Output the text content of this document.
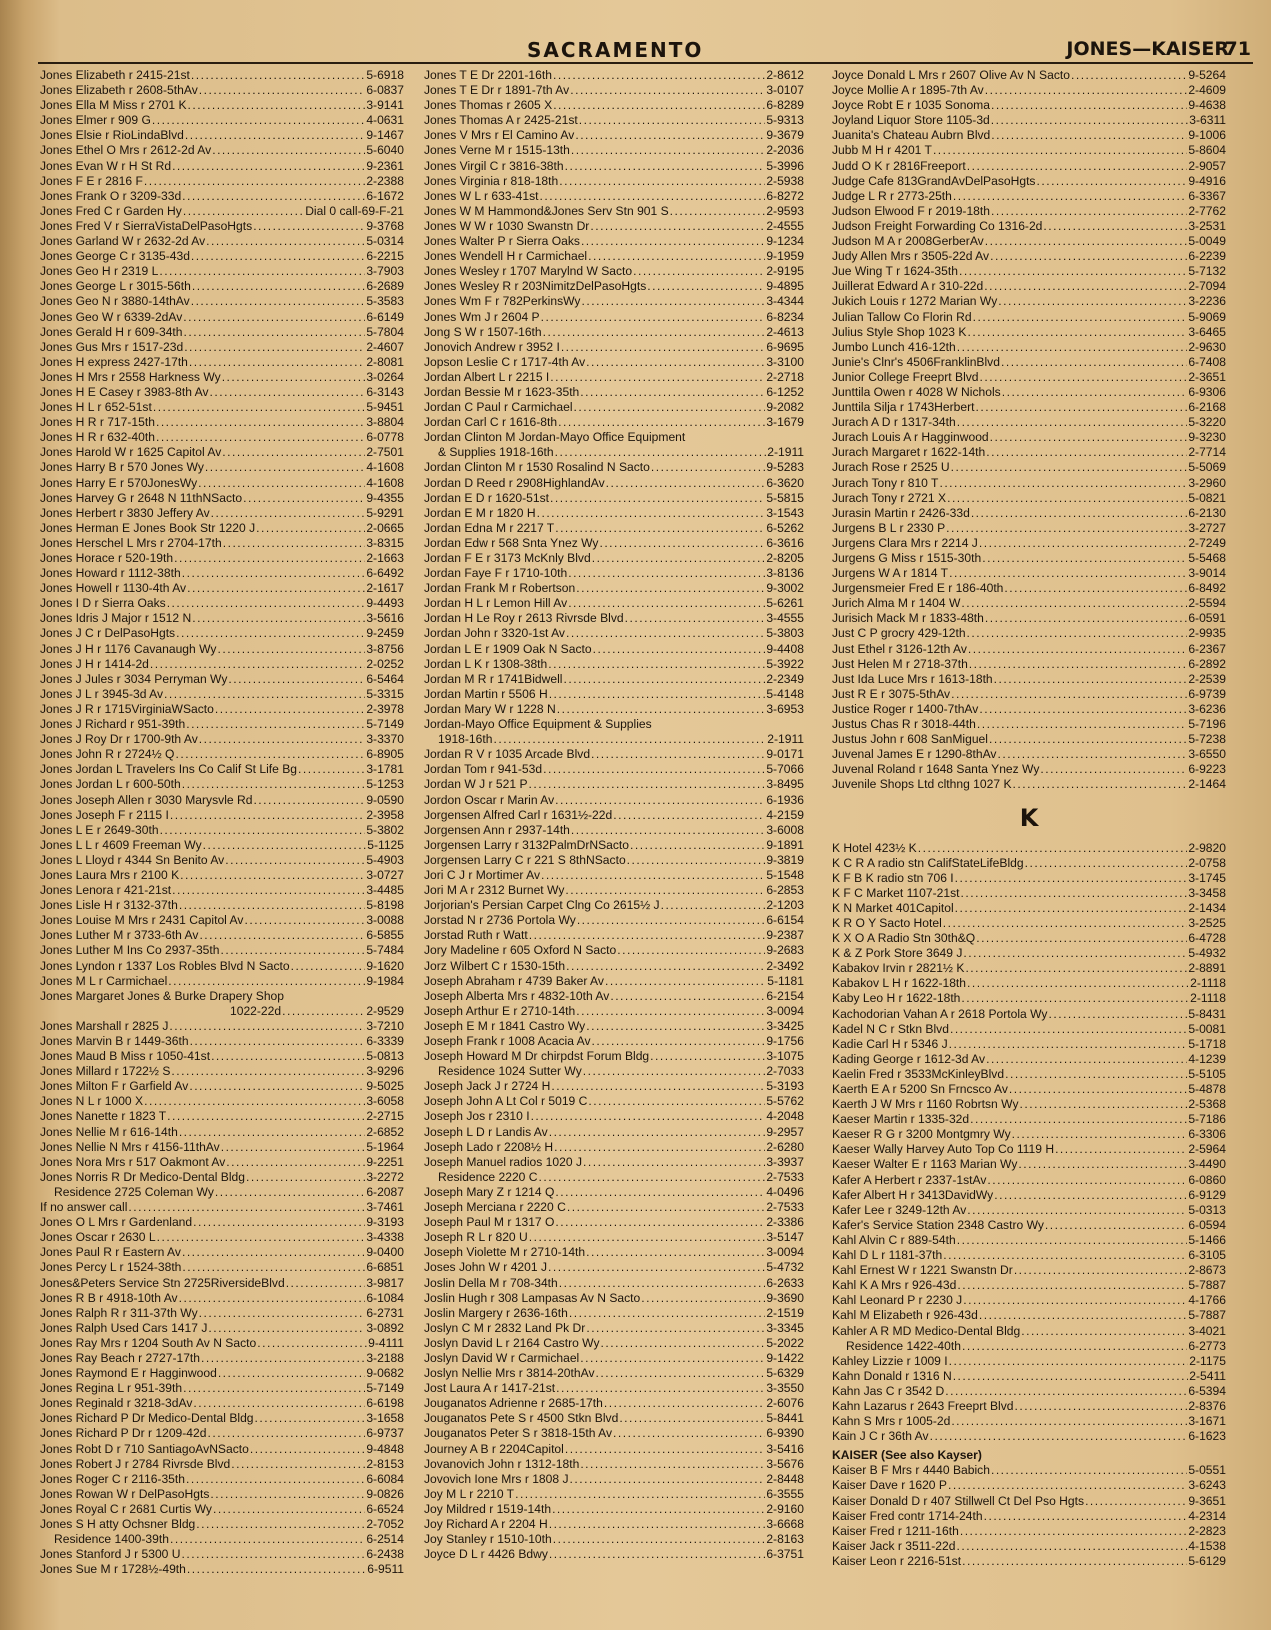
SACRAMENTO	JONES—KAISER
71
Jones Elizabeth r 2415-21st .....	5-6918
Jones Elizabeth r 2608-5thAv .....	6-0837
Jones Ella M Miss r 2701 K .....	3-9141
Jones Elmer r 909 G .....	4-0631
Jones Elsie r RioLindaBlvd .....	9-1467
Jones Ethel O Mrs r 2612-2d Av .....	5-6040
Jones Evan W r H St Rd .....	9-2361
Jones F E r 2816 F .....	2-2388
Jones Frank O r 3209-33d .....	6-1672
Jones Fred C r Garden Hy .....	Dial 0 call-69-F-21
Jones Fred V r SierraVistaDelPasoHgts .....	9-3768
Jones Garland W r 2632-2d Av .....	5-0314
Jones George C r 3135-43d .....	6-2215
Jones Geo H r 2319 L .....	3-7903
Jones George L r 3015-56th .....	6-2689
Jones Geo N r 3880-14thAv .....	5-3583
Jones Geo W r 6339-2dAv .....	6-6149
Jones Gerald H r 609-34th .....	5-7804
Jones Gus Mrs r 1517-23d .....	2-4607
Jones H express 2427-17th .....	2-8081
Jones H Mrs r 2558 Harkness Wy .....	3-0264
Jones H E Casey r 3983-8th Av .....	6-3143
Jones H L r 652-51st .....	5-9451
Jones H R r 717-15th .....	3-8804
Jones H R r 632-40th .....	6-0778
Jones Harold W r 1625 Capitol Av .....	2-7501
Jones Harry B r 570 Jones Wy .....	4-1608
Jones Harry E r 570JonesWy .....	4-1608
Jones Harvey G r 2648 N 11thNSacto .....	9-4355
Jones Herbert r 3830 Jeffery Av .....	5-9291
Jones Herman E Jones Book Str 1220 J .....	2-0665
Jones Herschel L Mrs r 2704-17th .....	3-8315
Jones Horace r 520-19th .....	2-1663
Jones Howard r 1112-38th .....	6-6492
Jones Howell r 1130-4th Av .....	2-1617
Jones I D r Sierra Oaks .....	9-4493
Jones Idris J Major r 1512 N .....	3-5616
Jones J C r DelPasoHgts .....	9-2459
Jones J H r 1176 Cavanaugh Wy .....	3-8756
Jones J H r 1414-2d .....	2-0252
Jones J Jules r 3034 Perryman Wy .....	6-5464
Jones J L r 3945-3d Av .....	5-3315
Jones J R r 1715VirginiaWSacto .....	2-3978
Jones J Richard r 951-39th .....	5-7149
Jones J Roy Dr r 1700-9th Av .....	3-3370
Jones John R r 2724½ Q .....	6-8905
Jones Jordan L Travelers Ins Co Calif St Life Bg .....	3-1781
Jones Jordan L r 600-50th .....	5-1253
Jones Joseph Allen r 3030 Marysvle Rd .....	9-0590
Jones Joseph F r 2115 I .....	2-3958
Jones L E r 2649-30th .....	5-3802
Jones L L r 4609 Freeman Wy .....	5-1125
Jones L Lloyd r 4344 Sn Benito Av .....	5-4903
Jones Laura Mrs r 2100 K .....	3-0727
Jones Lenora r 421-21st .....	3-4485
Jones Lisle H r 3132-37th .....	5-8198
Jones Louise M Mrs r 2431 Capitol Av .....	3-0088
Jones Luther M r 3733-6th Av .....	6-5855
Jones Luther M Ins Co 2937-35th .....	5-7484
Jones Lyndon r 1337 Los Robles Blvd N Sacto .....	9-1620
Jones M L r Carmichael .....	9-1984
Jones Margaret Jones & Burke Drapery Shop
1022-22d .....	2-9529
Jones Marshall r 2825 J .....	3-7210
Jones Marvin B r 1449-36th .....	6-3339
Jones Maud B Miss r 1050-41st .....	5-0813
Jones Millard r 1722½ S .....	3-9296
Jones Milton F r Garfield Av .....	9-5025
Jones N L r 1000 X .....	3-6058
Jones Nanette r 1823 T .....	2-2715
Jones Nellie M r 616-14th .....	2-6852
Jones Nellie N Mrs r 4156-11thAv .....	5-1964
Jones Nora Mrs r 517 Oakmont Av .....	9-2251
Jones Norris R Dr Medico-Dental Bldg .....	3-2272
Residence 2725 Coleman Wy .....	6-2087
If no answer call .....	3-7461
Jones O L Mrs r Gardenland .....	9-3193
Jones Oscar r 2630 L .....	3-4338
Jones Paul R r Eastern Av .....	9-0400
Jones Percy L r 1524-38th .....	6-6851
Jones&Peters Service Stn 2725RiversideBlvd .....	3-9817
Jones R B r 4918-10th Av .....	6-1084
Jones Ralph R r 311-37th Wy .....	6-2731
Jones Ralph Used Cars 1417 J .....	3-0892
Jones Ray Mrs r 1204 South Av N Sacto .....	9-4111
Jones Ray Beach r 2727-17th .....	3-2188
Jones Raymond E r Hagginwood .....	9-0682
Jones Regina L r 951-39th .....	5-7149
Jones Reginald r 3218-3dAv .....	6-6198
Jones Richard P Dr Medico-Dental Bldg .....	3-1658
Jones Richard P Dr r 1209-42d .....	6-9737
Jones Robt D r 710 SantiagoAvNSacto .....	9-4848
Jones Robert J r 2784 Rivrsde Blvd .....	2-8153
Jones Roger C r 2116-35th .....	6-6084
Jones Rowan W r DelPasoHgts .....	9-0826
Jones Royal C r 2681 Curtis Wy .....	6-6524
Jones S H atty Ochsner Bldg .....	2-7052
Residence 1400-39th .....	6-2514
Jones Stanford J r 5300 U .....	6-2438
Jones Sue M r 1728½-49th .....	6-9511
Jones T E Dr 2201-16th .....	2-8612
Jones T E Dr r 1891-7th Av .....	3-0107
Jones Thomas r 2605 X .....	6-8289
Jones Thomas A r 2425-21st .....	5-9313
Jones V Mrs r El Camino Av .....	9-3679
Jones Verne M r 1515-13th .....	2-2036
Jones Virgil C r 3816-38th .....	5-3996
Jones Virginia r 818-18th .....	2-5938
Jones W L r 633-41st .....	6-8272
Jones W M Hammond&Jones Serv Stn 901 S .....	2-9593
Jones W W r 1030 Swanstn Dr .....	2-4555
Jones Walter P r Sierra Oaks .....	9-1234
Jones Wendell H r Carmichael .....	9-1959
Jones Wesley r 1707 Marylnd W Sacto .....	2-9195
Jones Wesley R r 203NimitzDelPasoHgts .....	9-4895
Jones Wm F r 782PerkinsWy .....	3-4344
Jones Wm J r 2604 P .....	6-8234
Jong S W r 1507-16th .....	2-4613
Jonovich Andrew r 3952 I .....	6-9695
Jopson Leslie C r 1717-4th Av .....	3-3100
Jordan Albert L r 2215 I .....	2-2718
Jordan Bessie M r 1623-35th .....	6-1252
Jordan C Paul r Carmichael .....	9-2082
Jordan Carl C r 1616-8th .....	3-1679
Jordan Clinton M Jordan-Mayo Office Equipment
& Supplies 1918-16th .....	2-1911
Jordan Clinton M r 1530 Rosalind N Sacto .....	9-5283
Jordan D Reed r 2908HighlandAv .....	6-3620
Jordan E D r 1620-51st .....	5-5815
Jordan E M r 1820 H .....	3-1543
Jordan Edna M r 2217 T .....	6-5262
Jordan Edw r 568 Snta Ynez Wy .....	6-3616
Jordan F E r 3173 McKnly Blvd .....	2-8205
Jordan Faye F r 1710-10th .....	3-8136
Jordan Frank M r Robertson .....	9-3002
Jordan H L r Lemon Hill Av .....	5-6261
Jordan H Le Roy r 2613 Rivrsde Blvd .....	3-4555
Jordan John r 3320-1st Av .....	5-3803
Jordan L E r 1909 Oak N Sacto .....	9-4408
Jordan L K r 1308-38th .....	5-3922
Jordan M R r 1741Bidwell .....	2-2349
Jordan Martin r 5506 H .....	5-4148
Jordan Mary W r 1228 N .....	3-6953
Jordan-Mayo Office Equipment & Supplies
1918-16th .....	2-1911
Jordan R V r 1035 Arcade Blvd .....	9-0171
Jordan Tom r 941-53d .....	5-7066
Jordan W J r 521 P .....	3-8495
Jordon Oscar r Marin Av .....	6-1936
Jorgensen Alfred Carl r 1631½-22d .....	4-2159
Jorgensen Ann r 2937-14th .....	3-6008
Jorgensen Larry r 3132PalmDrNSacto .....	9-1891
Jorgensen Larry C r 221 S 8thNSacto .....	9-3819
Jori C J r Mortimer Av .....	5-1548
Jori M A r 2312 Burnet Wy .....	6-2853
Jorjorian's Persian Carpet Clng Co 2615½ J .....	2-1203
Jorstad N r 2736 Portola Wy .....	6-6154
Jorstad Ruth r Watt .....	9-2387
Jory Madeline r 605 Oxford N Sacto .....	9-2683
Jorz Wilbert C r 1530-15th .....	2-3492
Joseph Abraham r 4739 Baker Av .....	5-1181
Joseph Alberta Mrs r 4832-10th Av .....	6-2154
Joseph Arthur E r 2710-14th .....	3-0094
Joseph E M r 1841 Castro Wy .....	3-3425
Joseph Frank r 1008 Acacia Av .....	9-1756
Joseph Howard M Dr chirpdst Forum Bldg .....	3-1075
Residence 1024 Sutter Wy .....	2-7033
Joseph Jack J r 2724 H .....	5-3193
Joseph John A Lt Col r 5019 C .....	5-5762
Joseph Jos r 2310 I .....	4-2048
Joseph L D r Landis Av .....	9-2957
Joseph Lado r 2208½ H .....	2-6280
Joseph Manuel radios 1020 J .....	3-3937
Residence 2220 C .....	2-7533
Joseph Mary Z r 1214 Q .....	4-0496
Joseph Merciana r 2220 C .....	2-7533
Joseph Paul M r 1317 O .....	2-3386
Joseph R L r 820 U .....	3-5147
Joseph Violette M r 2710-14th .....	3-0094
Joses John W r 4201 J .....	5-4732
Joslin Della M r 708-34th .....	6-2633
Joslin Hugh r 308 Lampasas Av N Sacto .....	9-3690
Joslin Margery r 2636-16th .....	2-1519
Joslyn C M r 2832 Land Pk Dr .....	3-3345
Joslyn David L r 2164 Castro Wy .....	5-2022
Joslyn David W r Carmichael .....	9-1422
Joslyn Nellie Mrs r 3814-20thAv .....	5-6329
Jost Laura A r 1417-21st .....	3-3550
Jouganatos Adrienne r 2685-17th .....	2-6076
Jouganatos Pete S r 4500 Stkn Blvd .....	5-8441
Jouganatos Peter S r 3818-15th Av .....	6-9390
Journey A B r 2204Capitol .....	3-5416
Jovanovich John r 1312-18th .....	3-5676
Jovovich Ione Mrs r 1808 J .....	2-8448
Joy M L r 2210 T .....	6-3555
Joy Mildred r 1519-14th .....	2-9160
Joy Richard A r 2204 H .....	3-6668
Joy Stanley r 1510-10th .....	2-8163
Joyce D L r 4426 Bdwy .....	6-3751
Joyce Donald L Mrs r 2607 Olive Av N Sacto .....	9-5264
Joyce Mollie A r 1895-7th Av .....	2-4609
Joyce Robt E r 1035 Sonoma .....	9-4638
Joyland Liquor Store 1105-3d .....	3-6311
Juanita's Chateau Aubrn Blvd .....	9-1006
Jubb M H r 4201 T .....	5-8604
Judd O K r 2816Freeport .....	2-9057
Judge Cafe 813GrandAvDelPasoHgts .....	9-4916
Judge L R r 2773-25th .....	6-3367
Judson Elwood F r 2019-18th .....	2-7762
Judson Freight Forwarding Co 1316-2d .....	3-2531
Judson M A r 2008GerberAv .....	5-0049
Judy Allen Mrs r 3505-22d Av .....	6-2239
Jue Wing T r 1624-35th .....	5-7132
Juillerat Edward A r 310-22d .....	2-7094
Jukich Louis r 1272 Marian Wy .....	3-2236
Julian Tallow Co Florin Rd .....	5-9069
Julius Style Shop 1023 K .....	3-6465
Jumbo Lunch 416-12th .....	2-9630
Junie's Clnr's 4506FranklinBlvd .....	6-7408
Junior College Freeprt Blvd .....	2-3651
Junttila Owen r 4028 W Nichols .....	6-9306
Junttila Silja r 1743Herbert .....	6-2168
Jurach A D r 1317-34th .....	5-3220
Jurach Louis A r Hagginwood .....	9-3230
Jurach Margaret r 1622-14th .....	2-7714
Jurach Rose r 2525 U .....	5-5069
Jurach Tony r 810 T .....	3-2960
Jurach Tony r 2721 X .....	5-0821
Jurasin Martin r 2426-33d .....	6-2130
Jurgens B L r 2330 P .....	3-2727
Jurgens Clara Mrs r 2214 J .....	2-7249
Jurgens G Miss r 1515-30th .....	5-5468
Jurgens W A r 1814 T .....	3-9014
Jurgensmeier Fred E r 186-40th .....	6-8492
Jurich Alma M r 1404 W .....	2-5594
Jurisich Mack M r 1833-48th .....	6-0591
Just C P grocry 429-12th .....	2-9935
Just Ethel r 3126-12th Av .....	6-2367
Just Helen M r 2718-37th .....	6-2892
Just Ida Luce Mrs r 1613-18th .....	2-2539
Just R E r 3075-5thAv .....	6-9739
Justice Roger r 1400-7thAv .....	3-6236
Justus Chas R r 3018-44th .....	5-7196
Justus John r 608 SanMiguel .....	5-7238
Juvenal James E r 1290-8thAv .....	3-6550
Juvenal Roland r 1648 Santa Ynez Wy .....	6-9223
Juvenile Shops Ltd clthng 1027 K .....	2-1464
K
K Hotel 423½ K .....	2-9820
K C R A radio stn CalifStateLifeBldg .....	2-0758
K F B K radio stn 706 I .....	3-1745
K F C Market 1107-21st .....	3-3458
K N Market 401Capitol .....	2-1434
K R O Y Sacto Hotel .....	3-2525
K X O A Radio Stn 30th&Q .....	6-4728
K & Z Pork Store 3649 J .....	5-4932
Kabakov Irvin r 2821½ K .....	2-8891
Kabakov L H r 1622-18th .....	2-1118
Kaby Leo H r 1622-18th .....	2-1118
Kachodorian Vahan A r 2618 Portola Wy .....	5-8431
Kadel N C r Stkn Blvd .....	5-0081
Kadie Carl H r 5346 J .....	5-1718
Kading George r 1612-3d Av .....	4-1239
Kaelin Fred r 3533McKinleyBlvd .....	5-5105
Kaerth E A r 5200 Sn Frncsco Av .....	5-4878
Kaerth J W Mrs r 1160 Robrtsn Wy .....	2-5368
Kaeser Martin r 1335-32d .....	5-7186
Kaeser R G r 3200 Montgmry Wy .....	6-3306
Kaeser Wally Harvey Auto Top Co 1119 H .....	2-5964
Kaeser Walter E r 1163 Marian Wy .....	3-4490
Kafer A Herbert r 2337-1stAv .....	6-0860
Kafer Albert H r 3413DavidWy .....	6-9129
Kafer Lee r 3249-12th Av .....	5-0313
Kafer's Service Station 2348 Castro Wy .....	6-0594
Kahl Alvin C r 889-54th .....	5-1466
Kahl D L r 1181-37th .....	6-3105
Kahl Ernest W r 1221 Swanstn Dr .....	2-8673
Kahl K A Mrs r 926-43d .....	5-7887
Kahl Leonard P r 2230 J .....	4-1766
Kahl M Elizabeth r 926-43d .....	5-7887
Kahler A R MD Medico-Dental Bldg .....	3-4021
Residence 1422-40th .....	6-2773
Kahley Lizzie r 1009 I .....	2-1175
Kahn Donald r 1316 N .....	2-5411
Kahn Jas C r 3542 D .....	6-5394
Kahn Lazarus r 2643 Freeprt Blvd .....	2-8376
Kahn S Mrs r 1005-2d .....	3-1671
Kain J C r 36th Av .....	6-1623
KAISER (See also Kayser)
Kaiser B F Mrs r 4440 Babich .....	5-0551
Kaiser Dave r 1620 P .....	3-6243
Kaiser Donald D r 407 Stillwell Ct Del Pso Hgts .....	9-3651
Kaiser Fred contr 1714-24th .....	4-2314
Kaiser Fred r 1211-16th .....	2-2823
Kaiser Jack r 3511-22d .....	4-1538
Kaiser Leon r 2216-51st .....	5-6129
